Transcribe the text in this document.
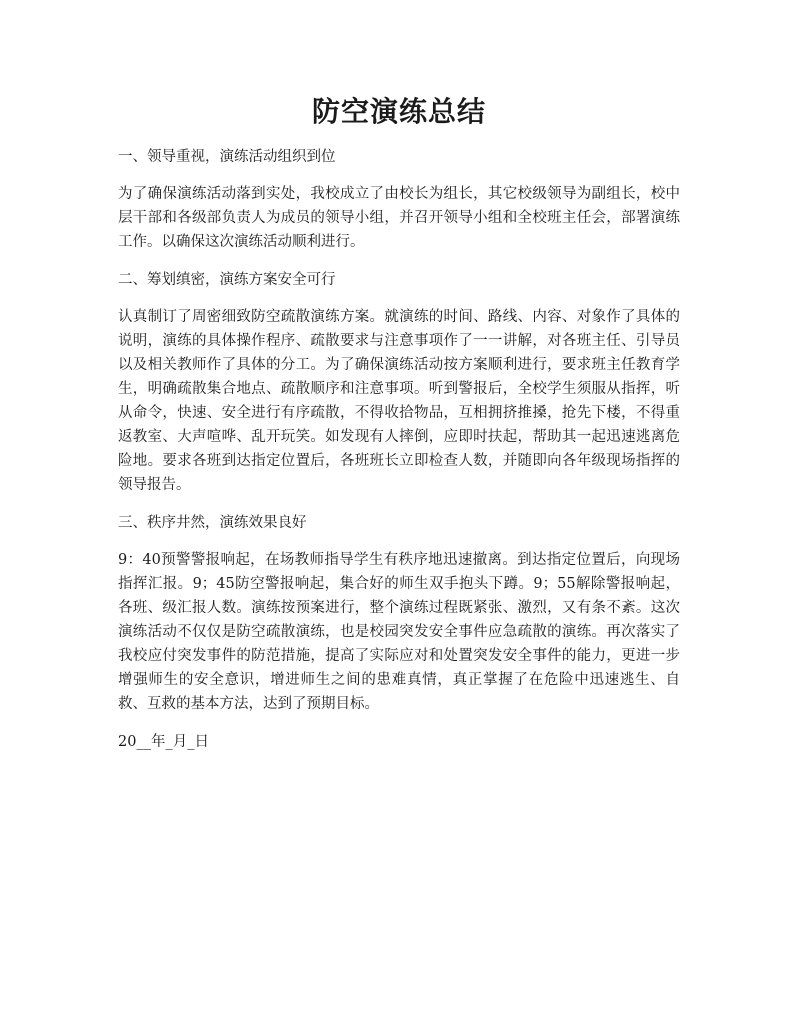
防空演练总结

一、领导重视，演练活动组织到位

为了确保演练活动落到实处，我校成立了由校长为组长，其它校级领导为副组长，校中层干部和各级部负责人为成员的领导小组，并召开领导小组和全校班主任会，部署演练工作。以确保这次演练活动顺利进行。

二、筹划缜密，演练方案安全可行

认真制订了周密细致防空疏散演练方案。就演练的时间、路线、内容、对象作了具体的说明，演练的具体操作程序、疏散要求与注意事项作了一一讲解，对各班主任、引导员以及相关教师作了具体的分工。为了确保演练活动按方案顺利进行，要求班主任教育学生，明确疏散集合地点、疏散顺序和注意事项。听到警报后，全校学生须服从指挥，听从命令，快速、安全进行有序疏散，不得收拾物品，互相拥挤推搡，抢先下楼，不得重返教室、大声喧哗、乱开玩笑。如发现有人摔倒，应即时扶起，帮助其一起迅速逃离危险地。要求各班到达指定位置后，各班班长立即检查人数，并随即向各年级现场指挥的领导报告。

三、秩序井然，演练效果良好

9：40预警警报响起，在场教师指导学生有秩序地迅速撤离。到达指定位置后，向现场指挥汇报。9；45防空警报响起，集合好的师生双手抱头下蹲。9；55解除警报响起，各班、级汇报人数。演练按预案进行，整个演练过程既紧张、激烈，又有条不紊。这次演练活动不仅仅是防空疏散演练，也是校园突发安全事件应急疏散的演练。再次落实了我校应付突发事件的防范措施，提高了实际应对和处置突发安全事件的能力，更进一步增强师生的安全意识，增进师生之间的患难真情，真正掌握了在危险中迅速逃生、自救、互救的基本方法，达到了预期目标。

20__年_月_日
